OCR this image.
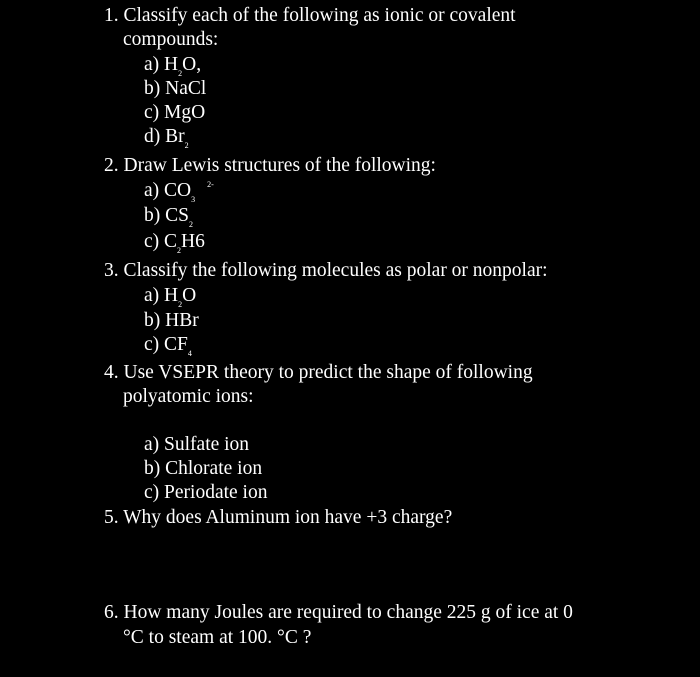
1. Classify each of the following as ionic or covalent
compounds:
a) $H_2O$,
b) NaCl
c) MgO
d) $Br_2$
2. Draw Lewis structures of the following:
a) $CO_3^{2-}$
b) $CS_2$
c) $C_2H6$
3. Classify the following molecules as polar or nonpolar:
a) $H_2O$
b) HBr
c) $CF_4$
4. Use VSEPR theory to predict the shape of following
polyatomic ions:
a) Sulfate ion
b) Chlorate ion
c) Periodate ion
5. Why does Aluminum ion have +3 charge?
6. How many Joules are required to change 225 g of ice at 0
°C to steam at 100. °C ?
